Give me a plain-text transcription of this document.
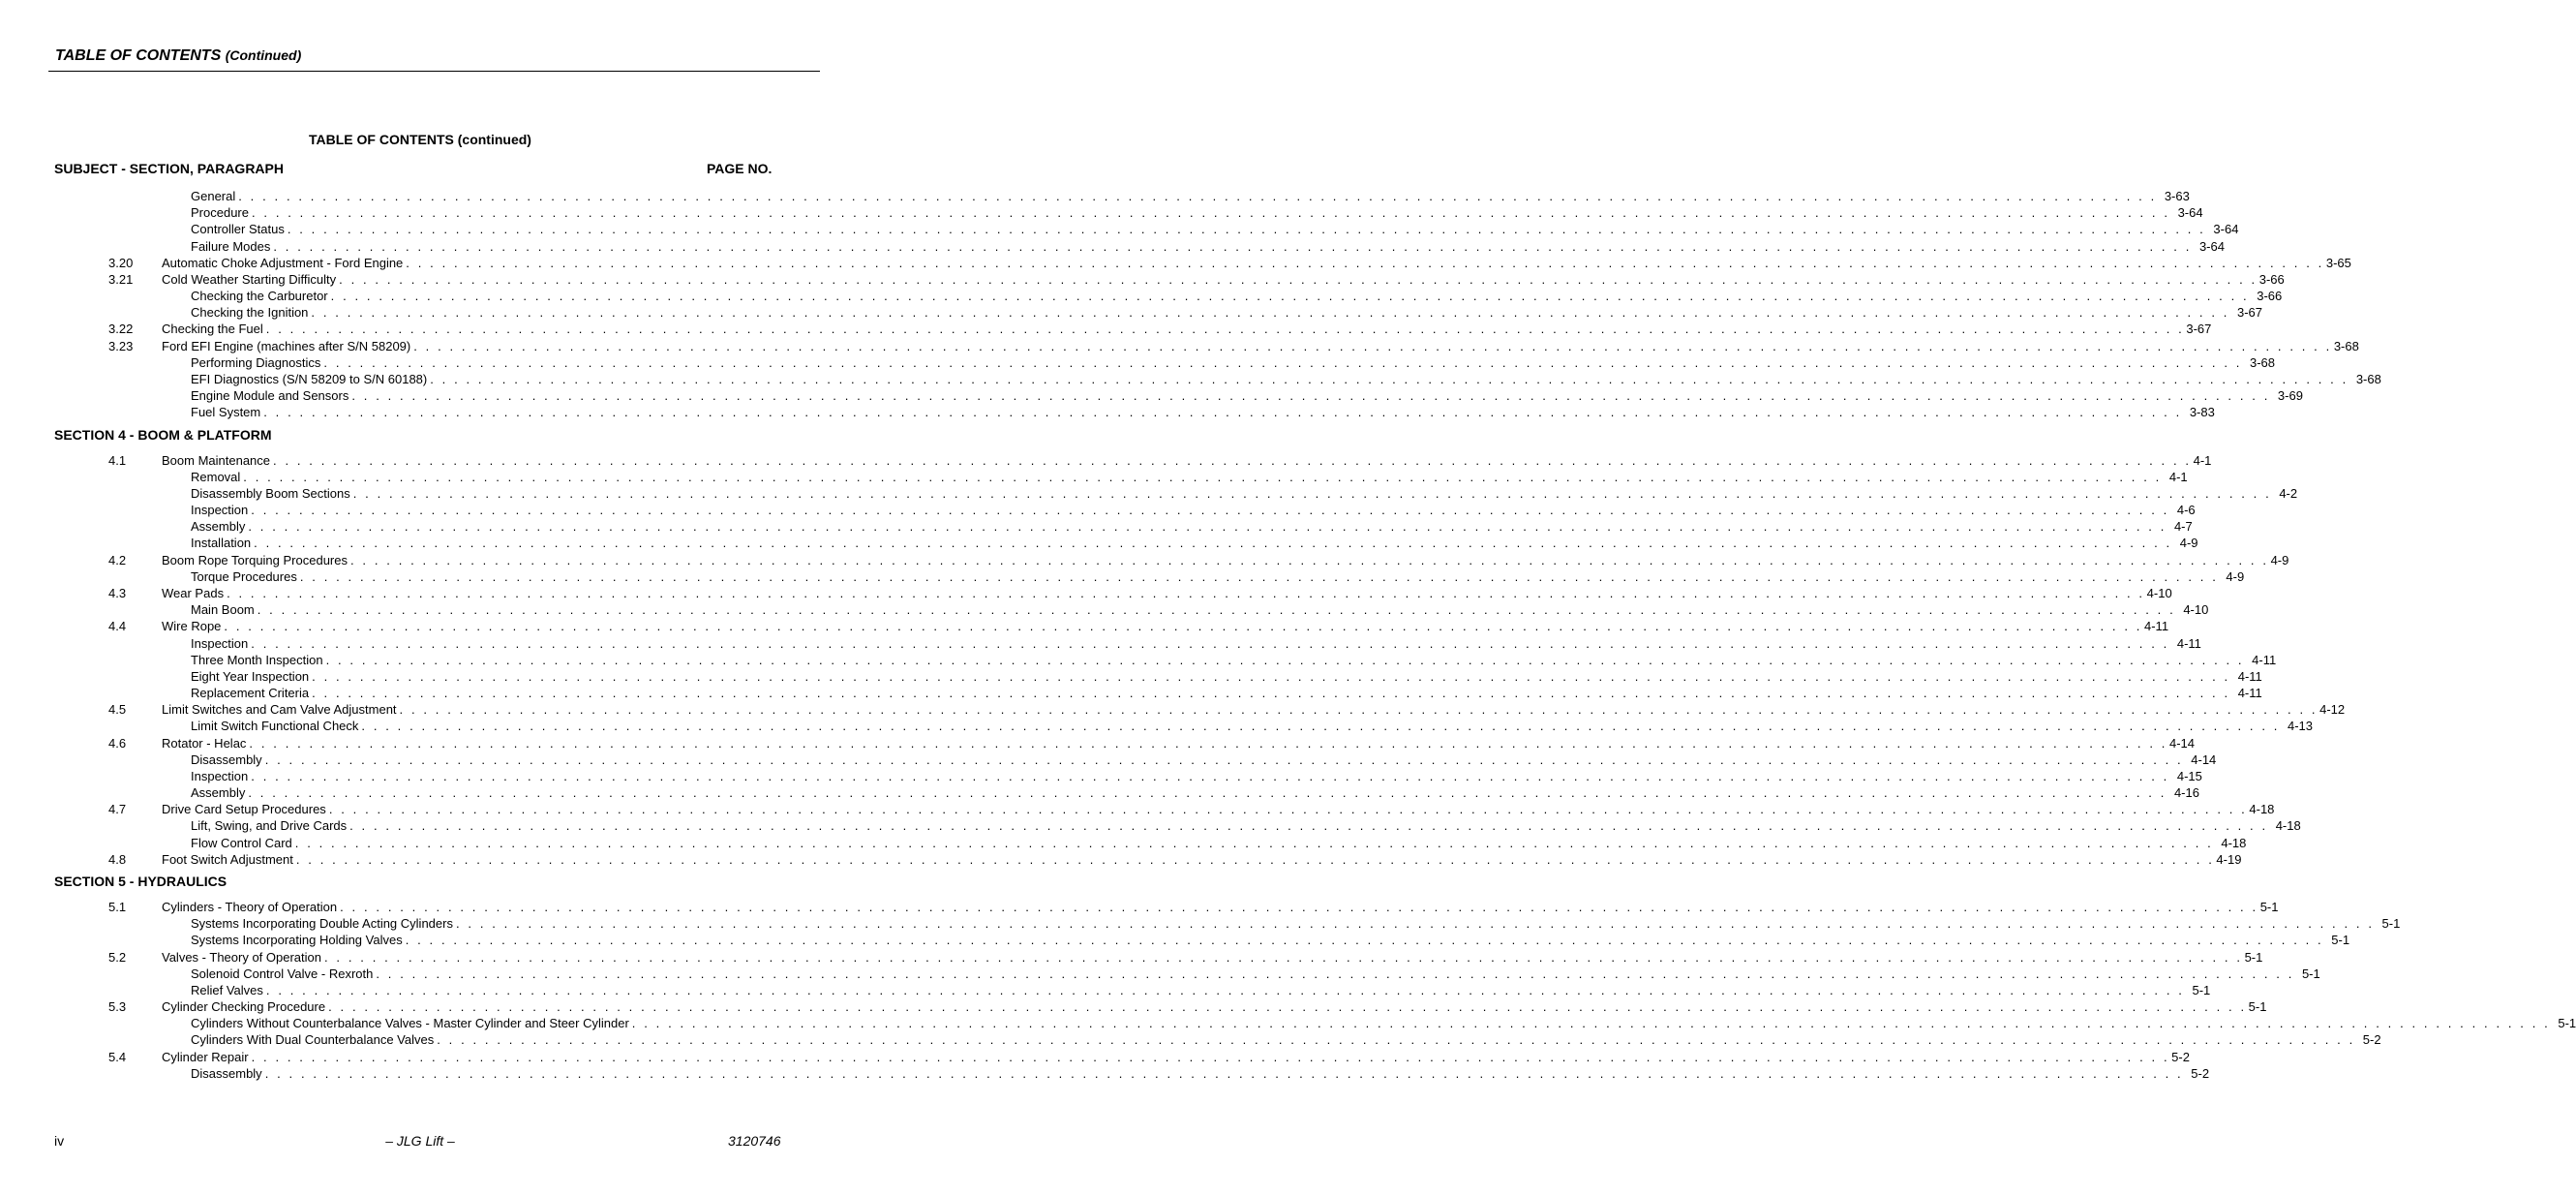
TABLE OF CONTENTS (Continued)
TABLE OF CONTENTS (continued)
SUBJECT - SECTION, PARAGRAPH	PAGE NO.
General . . . . . . . . . . . . . . . . . . . . . . . . . . . . . . . . . . . . . . . . . . . . . . . . . . . . . . . . . . . . . . . . . . . . . . . . . . . . . . . . . . . . . . . . . . . . . . . . . . . . . . . . . . . . . . . . . . . . . . . . . . . . . . . . . . . . . . . . . . . . . . . . . . . . . . . . . . . . . . . . 3-63
Procedure . . . . . . . . . . . . . . . . . . . . . . . . . . . . . . . . . . . . . . . . . . . . . . . . . . . . . . . . . . . . . . . . . . . . . . . . . . . . . . . . . . . . . . . . . . . . . . . . . . . . . . . . . . . . . . . . . . . . . . . . . . . . . . . . . . . . . . . . . . . . . . . . . . . . . . . . . . . . . . . . 3-64
Controller Status . . . . . . . . . . . . . . . . . . . . . . . . . . . . . . . . . . . . . . . . . . . . . . . . . . . . . . . . . . . . . . . . . . . . . . . . . . . . . . . . . . . . . . . . . . . . . . . . . . . . . . . . . . . . . . . . . . . . . . . . . . . . . . . . . . . . . . . . . . . . . . . . . . . . . . . . . . . . . . . . 3-64
Failure Modes . . . . . . . . . . . . . . . . . . . . . . . . . . . . . . . . . . . . . . . . . . . . . . . . . . . . . . . . . . . . . . . . . . . . . . . . . . . . . . . . . . . . . . . . . . . . . . . . . . . . . . . . . . . . . . . . . . . . . . . . . . . . . . . . . . . . . . . . . . . . . . . . . . . . . . . . . . . . . . . . 3-64
3.20 Automatic Choke Adjustment - Ford Engine . . . . . . . . . . . . . . . . . . . . . . . . . . . . . . . . . . . . . . . . . . . . . . . . . . . . . . . . . . . . . . . . . . . . . . . . . . . . . . . . . . . . . . . . . . . . . . . . . . . . . . . . . . . . . . . . . . . . . . . . . . . . . . . . . . . . . . . . . . . . . . . . . . . . . . . . . . . . . . . . 3-65
3.21 Cold Weather Starting Difficulty . . . . . . . . . . . . . . . . . . . . . . . . . . . . . . . . . . . . . . . . . . . . . . . . . . . . . . . . . . . . . . . . . . . . . . . . . . . . . . . . . . . . . . . . . . . . . . . . . . . . . . . . . . . . . . . . . . . . . . . . . . . . . . . . . . . . . . . . . . . . . . . . . . . . . . . . . . . . . . . . 3-66
Checking the Carburetor . . . . . . . . . . . . . . . . . . . . . . . . . . . . . . . . . . . . . . . . . . . . . . . . . . . . . . . . . . . . . . . . . . . . . . . . . . . . . . . . . . . . . . . . . . . . . . . . . . . . . . . . . . . . . . . . . . . . . . . . . . . . . . . . . . . . . . . . . . . . . . . . . . . . . . . . . . . . . . . . 3-66
Checking the Ignition . . . . . . . . . . . . . . . . . . . . . . . . . . . . . . . . . . . . . . . . . . . . . . . . . . . . . . . . . . . . . . . . . . . . . . . . . . . . . . . . . . . . . . . . . . . . . . . . . . . . . . . . . . . . . . . . . . . . . . . . . . . . . . . . . . . . . . . . . . . . . . . . . . . . . . . . . . . . . . . . 3-67
3.22 Checking the Fuel . . . . . . . . . . . . . . . . . . . . . . . . . . . . . . . . . . . . . . . . . . . . . . . . . . . . . . . . . . . . . . . . . . . . . . . . . . . . . . . . . . . . . . . . . . . . . . . . . . . . . . . . . . . . . . . . . . . . . . . . . . . . . . . . . . . . . . . . . . . . . . . . . . . . . . . . . . . . . . . . 3-67
3.23 Ford EFI Engine (machines after S/N 58209) . . . . . . . . . . . . . . . . . . . . . . . . . . . . . . . . . . . . . . . . . . . . . . . . . . . . . . . . . . . . . . . . . . . . . . . . . . . . . . . . . . . . . . . . . . . . . . . . . . . . . . . . . . . . . . . . . . . . . . . . . . . . . . . . . . . . . . . . . . . . . . . . . . . . . . . . . . . . . . . . 3-68
Performing Diagnostics . . . . . . . . . . . . . . . . . . . . . . . . . . . . . . . . . . . . . . . . . . . . . . . . . . . . . . . . . . . . . . . . . . . . . . . . . . . . . . . . . . . . . . . . . . . . . . . . . . . . . . . . . . . . . . . . . . . . . . . . . . . . . . . . . . . . . . . . . . . . . . . . . . . . . . . . . . . . . . . . 3-68
EFI Diagnostics (S/N 58209 to S/N 60188) . . . . . . . . . . . . . . . . . . . . . . . . . . . . . . . . . . . . . . . . . . . . . . . . . . . . . . . . . . . . . . . . . . . . . . . . . . . . . . . . . . . . . . . . . . . . . . . . . . . . . . . . . . . . . . . . . . . . . . . . . . . . . . . . . . . . . . . . . . . . . . . . . . . . . . . . . . . . . . . . 3-68
Engine Module and Sensors . . . . . . . . . . . . . . . . . . . . . . . . . . . . . . . . . . . . . . . . . . . . . . . . . . . . . . . . . . . . . . . . . . . . . . . . . . . . . . . . . . . . . . . . . . . . . . . . . . . . . . . . . . . . . . . . . . . . . . . . . . . . . . . . . . . . . . . . . . . . . . . . . . . . . . . . . . . . . . . . 3-69
Fuel System . . . . . . . . . . . . . . . . . . . . . . . . . . . . . . . . . . . . . . . . . . . . . . . . . . . . . . . . . . . . . . . . . . . . . . . . . . . . . . . . . . . . . . . . . . . . . . . . . . . . . . . . . . . . . . . . . . . . . . . . . . . . . . . . . . . . . . . . . . . . . . . . . . . . . . . . . . . . . . . . 3-83
SECTION 4 - BOOM & PLATFORM
4.1	Boom Maintenance . . . . . . . . . . . . . . . . . . . . . . . . . . . . . . . . . . . . . . . . . . . . . . . . . . . . . . . . . . . . . . . . . . . . . . . . . . . . . . . . . . . . . . . . . . . . . . . . . . . . . . . . . . . . . . . . . . . . . . . . . . . . . . . . . . . . . . . . . . . . . . . . . . . . . . . . . . . . . . . . 4-1
Removal . . . . . . . . . . . . . . . . . . . . . . . . . . . . . . . . . . . . . . . . . . . . . . . . . . . . . . . . . . . . . . . . . . . . . . . . . . . . . . . . . . . . . . . . . . . . . . . . . . . . . . . . . . . . . . . . . . . . . . . . . . . . . . . . . . . . . . . . . . . . . . . . . . . . . . . . . . . . . . . . 4-1
Disassembly Boom Sections . . . . . . . . . . . . . . . . . . . . . . . . . . . . . . . . . . . . . . . . . . . . . . . . . . . . . . . . . . . . . . . . . . . . . . . . . . . . . . . . . . . . . . . . . . . . . . . . . . . . . . . . . . . . . . . . . . . . . . . . . . . . . . . . . . . . . . . . . . . . . . . . . . . . . . . . . . . . . . . . 4-2
Inspection . . . . . . . . . . . . . . . . . . . . . . . . . . . . . . . . . . . . . . . . . . . . . . . . . . . . . . . . . . . . . . . . . . . . . . . . . . . . . . . . . . . . . . . . . . . . . . . . . . . . . . . . . . . . . . . . . . . . . . . . . . . . . . . . . . . . . . . . . . . . . . . . . . . . . . . . . . . . . . . . 4-6
Assembly . . . . . . . . . . . . . . . . . . . . . . . . . . . . . . . . . . . . . . . . . . . . . . . . . . . . . . . . . . . . . . . . . . . . . . . . . . . . . . . . . . . . . . . . . . . . . . . . . . . . . . . . . . . . . . . . . . . . . . . . . . . . . . . . . . . . . . . . . . . . . . . . . . . . . . . . . . . . . . . . 4-7
Installation . . . . . . . . . . . . . . . . . . . . . . . . . . . . . . . . . . . . . . . . . . . . . . . . . . . . . . . . . . . . . . . . . . . . . . . . . . . . . . . . . . . . . . . . . . . . . . . . . . . . . . . . . . . . . . . . . . . . . . . . . . . . . . . . . . . . . . . . . . . . . . . . . . . . . . . . . . . . . . . . 4-9
4.2	Boom Rope Torquing Procedures . . . . . . . . . . . . . . . . . . . . . . . . . . . . . . . . . . . . . . . . . . . . . . . . . . . . . . . . . . . . . . . . . . . . . . . . . . . . . . . . . . . . . . . . . . . . . . . . . . . . . . . . . . . . . . . . . . . . . . . . . . . . . . . . . . . . . . . . . . . . . . . . . . . . . . . . . . . . . . . . 4-9
Torque Procedures . . . . . . . . . . . . . . . . . . . . . . . . . . . . . . . . . . . . . . . . . . . . . . . . . . . . . . . . . . . . . . . . . . . . . . . . . . . . . . . . . . . . . . . . . . . . . . . . . . . . . . . . . . . . . . . . . . . . . . . . . . . . . . . . . . . . . . . . . . . . . . . . . . . . . . . . . . . . . . . . 4-9
4.3	Wear Pads . . . . . . . . . . . . . . . . . . . . . . . . . . . . . . . . . . . . . . . . . . . . . . . . . . . . . . . . . . . . . . . . . . . . . . . . . . . . . . . . . . . . . . . . . . . . . . . . . . . . . . . . . . . . . . . . . . . . . . . . . . . . . . . . . . . . . . . . . . . . . . . . . . . . . . . . . . . . . . . . 4-10
Main Boom . . . . . . . . . . . . . . . . . . . . . . . . . . . . . . . . . . . . . . . . . . . . . . . . . . . . . . . . . . . . . . . . . . . . . . . . . . . . . . . . . . . . . . . . . . . . . . . . . . . . . . . . . . . . . . . . . . . . . . . . . . . . . . . . . . . . . . . . . . . . . . . . . . . . . . . . . . . . . . . . 4-10
4.4	Wire Rope . . . . . . . . . . . . . . . . . . . . . . . . . . . . . . . . . . . . . . . . . . . . . . . . . . . . . . . . . . . . . . . . . . . . . . . . . . . . . . . . . . . . . . . . . . . . . . . . . . . . . . . . . . . . . . . . . . . . . . . . . . . . . . . . . . . . . . . . . . . . . . . . . . . . . . . . . . . . . . . . 4-11
Inspection . . . . . . . . . . . . . . . . . . . . . . . . . . . . . . . . . . . . . . . . . . . . . . . . . . . . . . . . . . . . . . . . . . . . . . . . . . . . . . . . . . . . . . . . . . . . . . . . . . . . . . . . . . . . . . . . . . . . . . . . . . . . . . . . . . . . . . . . . . . . . . . . . . . . . . . . . . . . . . . . 4-11
Three Month Inspection . . . . . . . . . . . . . . . . . . . . . . . . . . . . . . . . . . . . . . . . . . . . . . . . . . . . . . . . . . . . . . . . . . . . . . . . . . . . . . . . . . . . . . . . . . . . . . . . . . . . . . . . . . . . . . . . . . . . . . . . . . . . . . . . . . . . . . . . . . . . . . . . . . . . . . . . . . . . . . . . 4-11
Eight Year Inspection . . . . . . . . . . . . . . . . . . . . . . . . . . . . . . . . . . . . . . . . . . . . . . . . . . . . . . . . . . . . . . . . . . . . . . . . . . . . . . . . . . . . . . . . . . . . . . . . . . . . . . . . . . . . . . . . . . . . . . . . . . . . . . . . . . . . . . . . . . . . . . . . . . . . . . . . . . . . . . . . 4-11
Replacement Criteria . . . . . . . . . . . . . . . . . . . . . . . . . . . . . . . . . . . . . . . . . . . . . . . . . . . . . . . . . . . . . . . . . . . . . . . . . . . . . . . . . . . . . . . . . . . . . . . . . . . . . . . . . . . . . . . . . . . . . . . . . . . . . . . . . . . . . . . . . . . . . . . . . . . . . . . . . . . . . . . . 4-11
4.5	Limit Switches and Cam Valve Adjustment . . . . . . . . . . . . . . . . . . . . . . . . . . . . . . . . . . . . . . . . . . . . . . . . . . . . . . . . . . . . . . . . . . . . . . . . . . . . . . . . . . . . . . . . . . . . . . . . . . . . . . . . . . . . . . . . . . . . . . . . . . . . . . . . . . . . . . . . . . . . . . . . . . . . . . . . . . . . . . . . 4-12
Limit Switch Functional Check . . . . . . . . . . . . . . . . . . . . . . . . . . . . . . . . . . . . . . . . . . . . . . . . . . . . . . . . . . . . . . . . . . . . . . . . . . . . . . . . . . . . . . . . . . . . . . . . . . . . . . . . . . . . . . . . . . . . . . . . . . . . . . . . . . . . . . . . . . . . . . . . . . . . . . . . . . . . . . . . 4-13
4.6	Rotator - Helac . . . . . . . . . . . . . . . . . . . . . . . . . . . . . . . . . . . . . . . . . . . . . . . . . . . . . . . . . . . . . . . . . . . . . . . . . . . . . . . . . . . . . . . . . . . . . . . . . . . . . . . . . . . . . . . . . . . . . . . . . . . . . . . . . . . . . . . . . . . . . . . . . . . . . . . . . . . . . . . . 4-14
Disassembly . . . . . . . . . . . . . . . . . . . . . . . . . . . . . . . . . . . . . . . . . . . . . . . . . . . . . . . . . . . . . . . . . . . . . . . . . . . . . . . . . . . . . . . . . . . . . . . . . . . . . . . . . . . . . . . . . . . . . . . . . . . . . . . . . . . . . . . . . . . . . . . . . . . . . . . . . . . . . . . . 4-14
Inspection . . . . . . . . . . . . . . . . . . . . . . . . . . . . . . . . . . . . . . . . . . . . . . . . . . . . . . . . . . . . . . . . . . . . . . . . . . . . . . . . . . . . . . . . . . . . . . . . . . . . . . . . . . . . . . . . . . . . . . . . . . . . . . . . . . . . . . . . . . . . . . . . . . . . . . . . . . . . . . . . 4-15
Assembly . . . . . . . . . . . . . . . . . . . . . . . . . . . . . . . . . . . . . . . . . . . . . . . . . . . . . . . . . . . . . . . . . . . . . . . . . . . . . . . . . . . . . . . . . . . . . . . . . . . . . . . . . . . . . . . . . . . . . . . . . . . . . . . . . . . . . . . . . . . . . . . . . . . . . . . . . . . . . . . . 4-16
4.7	Drive Card Setup Procedures . . . . . . . . . . . . . . . . . . . . . . . . . . . . . . . . . . . . . . . . . . . . . . . . . . . . . . . . . . . . . . . . . . . . . . . . . . . . . . . . . . . . . . . . . . . . . . . . . . . . . . . . . . . . . . . . . . . . . . . . . . . . . . . . . . . . . . . . . . . . . . . . . . . . . . . . . . . . . . . . 4-18
Lift, Swing, and Drive Cards . . . . . . . . . . . . . . . . . . . . . . . . . . . . . . . . . . . . . . . . . . . . . . . . . . . . . . . . . . . . . . . . . . . . . . . . . . . . . . . . . . . . . . . . . . . . . . . . . . . . . . . . . . . . . . . . . . . . . . . . . . . . . . . . . . . . . . . . . . . . . . . . . . . . . . . . . . . . . . . . 4-18
Flow Control Card . . . . . . . . . . . . . . . . . . . . . . . . . . . . . . . . . . . . . . . . . . . . . . . . . . . . . . . . . . . . . . . . . . . . . . . . . . . . . . . . . . . . . . . . . . . . . . . . . . . . . . . . . . . . . . . . . . . . . . . . . . . . . . . . . . . . . . . . . . . . . . . . . . . . . . . . . . . . . . . . 4-18
4.8	Foot Switch Adjustment . . . . . . . . . . . . . . . . . . . . . . . . . . . . . . . . . . . . . . . . . . . . . . . . . . . . . . . . . . . . . . . . . . . . . . . . . . . . . . . . . . . . . . . . . . . . . . . . . . . . . . . . . . . . . . . . . . . . . . . . . . . . . . . . . . . . . . . . . . . . . . . . . . . . . . . . . . . . . . . . 4-19
SECTION 5 - HYDRAULICS
5.1	Cylinders - Theory of Operation . . . . . . . . . . . . . . . . . . . . . . . . . . . . . . . . . . . . . . . . . . . . . . . . . . . . . . . . . . . . . . . . . . . . . . . . . . . . . . . . . . . . . . . . . . . . . . . . . . . . . . . . . . . . . . . . . . . . . . . . . . . . . . . . . . . . . . . . . . . . . . . . . . . . . . . . . . . . . . . . 5-1
Systems Incorporating Double Acting Cylinders . . . . . . . . . . . . . . . . . . . . . . . . . . . . . . . . . . . . . . . . . . . . . . . . . . . . . . . . . . . . . . . . . . . . . . . . . . . . . . . . . . . . . . . . . . . . . . . . . . . . . . . . . . . . . . . . . . . . . . . . . . . . . . . . . . . . . . . . . . . . . . . . . . . . . . . . . . . . . . . . 5-1
Systems Incorporating Holding Valves . . . . . . . . . . . . . . . . . . . . . . . . . . . . . . . . . . . . . . . . . . . . . . . . . . . . . . . . . . . . . . . . . . . . . . . . . . . . . . . . . . . . . . . . . . . . . . . . . . . . . . . . . . . . . . . . . . . . . . . . . . . . . . . . . . . . . . . . . . . . . . . . . . . . . . . . . . . . . . . . 5-1
5.2	Valves - Theory of Operation . . . . . . . . . . . . . . . . . . . . . . . . . . . . . . . . . . . . . . . . . . . . . . . . . . . . . . . . . . . . . . . . . . . . . . . . . . . . . . . . . . . . . . . . . . . . . . . . . . . . . . . . . . . . . . . . . . . . . . . . . . . . . . . . . . . . . . . . . . . . . . . . . . . . . . . . . . . . . . . . 5-1
Solenoid Control Valve - Rexroth . . . . . . . . . . . . . . . . . . . . . . . . . . . . . . . . . . . . . . . . . . . . . . . . . . . . . . . . . . . . . . . . . . . . . . . . . . . . . . . . . . . . . . . . . . . . . . . . . . . . . . . . . . . . . . . . . . . . . . . . . . . . . . . . . . . . . . . . . . . . . . . . . . . . . . . . . . . . . . . . 5-1
Relief Valves . . . . . . . . . . . . . . . . . . . . . . . . . . . . . . . . . . . . . . . . . . . . . . . . . . . . . . . . . . . . . . . . . . . . . . . . . . . . . . . . . . . . . . . . . . . . . . . . . . . . . . . . . . . . . . . . . . . . . . . . . . . . . . . . . . . . . . . . . . . . . . . . . . . . . . . . . . . . . . . . 5-1
5.3	Cylinder Checking Procedure . . . . . . . . . . . . . . . . . . . . . . . . . . . . . . . . . . . . . . . . . . . . . . . . . . . . . . . . . . . . . . . . . . . . . . . . . . . . . . . . . . . . . . . . . . . . . . . . . . . . . . . . . . . . . . . . . . . . . . . . . . . . . . . . . . . . . . . . . . . . . . . . . . . . . . . . . . . . . . . . 5-1
Cylinders Without Counterbalance Valves - Master Cylinder and Steer Cylinder . . . . . . . . . . . . . . . . . . . . . . . . . . . . . . . . . . . . . . . . . . . . . . . . . . . . . . . . . . . . . . . . . . . . . . . . . . . . . . . . . . . . . . . . . . . . . . . . . . . . . . . . . . . . . . . . . . . . . . . . . . . . . . . . . . . . . . . . . . . . . . . . . . . . . . . . . . . . . . . . 5-1
Cylinders With Dual Counterbalance Valves . . . . . . . . . . . . . . . . . . . . . . . . . . . . . . . . . . . . . . . . . . . . . . . . . . . . . . . . . . . . . . . . . . . . . . . . . . . . . . . . . . . . . . . . . . . . . . . . . . . . . . . . . . . . . . . . . . . . . . . . . . . . . . . . . . . . . . . . . . . . . . . . . . . . . . . . . . . . . . . . 5-2
5.4	Cylinder Repair . . . . . . . . . . . . . . . . . . . . . . . . . . . . . . . . . . . . . . . . . . . . . . . . . . . . . . . . . . . . . . . . . . . . . . . . . . . . . . . . . . . . . . . . . . . . . . . . . . . . . . . . . . . . . . . . . . . . . . . . . . . . . . . . . . . . . . . . . . . . . . . . . . . . . . . . . . . . . . . . 5-2
Disassembly . . . . . . . . . . . . . . . . . . . . . . . . . . . . . . . . . . . . . . . . . . . . . . . . . . . . . . . . . . . . . . . . . . . . . . . . . . . . . . . . . . . . . . . . . . . . . . . . . . . . . . . . . . . . . . . . . . . . . . . . . . . . . . . . . . . . . . . . . . . . . . . . . . . . . . . . . . . . . . . . 5-2
iv	– JLG Lift –	3120746
